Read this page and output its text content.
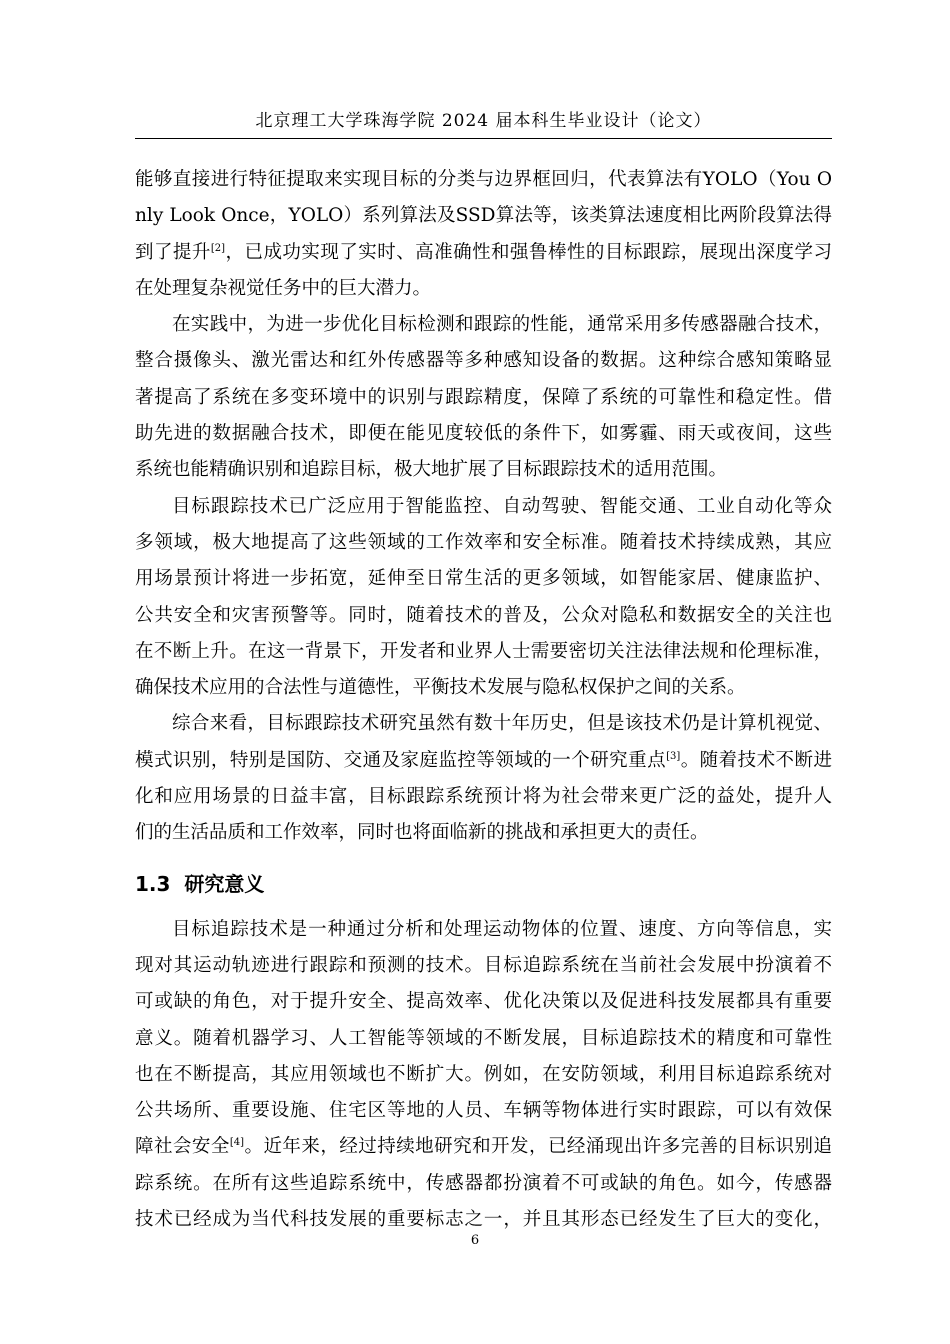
北京理工大学珠海学院 2024 届本科生毕业设计（论文）

能够直接进行特征提取来实现目标的分类与边界框回归，代表算法有YOLO（You O
nly Look Once，YOLO）系列算法及SSD算法等，该类算法速度相比两阶段算法得
到了提升[2]，已成功实现了实时、高准确性和强鲁棒性的目标跟踪，展现出深度学习
在处理复杂视觉任务中的巨大潜力。

在实践中，为进一步优化目标检测和跟踪的性能，通常采用多传感器融合技术，
整合摄像头、激光雷达和红外传感器等多种感知设备的数据。这种综合感知策略显
著提高了系统在多变环境中的识别与跟踪精度，保障了系统的可靠性和稳定性。借
助先进的数据融合技术，即便在能见度较低的条件下，如雾霾、雨天或夜间，这些
系统也能精确识别和追踪目标，极大地扩展了目标跟踪技术的适用范围。

目标跟踪技术已广泛应用于智能监控、自动驾驶、智能交通、工业自动化等众
多领域，极大地提高了这些领域的工作效率和安全标准。随着技术持续成熟，其应
用场景预计将进一步拓宽，延伸至日常生活的更多领域，如智能家居、健康监护、
公共安全和灾害预警等。同时，随着技术的普及，公众对隐私和数据安全的关注也
在不断上升。在这一背景下，开发者和业界人士需要密切关注法律法规和伦理标准，
确保技术应用的合法性与道德性，平衡技术发展与隐私权保护之间的关系。

综合来看，目标跟踪技术研究虽然有数十年历史，但是该技术仍是计算机视觉、
模式识别，特别是国防、交通及家庭监控等领域的一个研究重点[3]。随着技术不断进
化和应用场景的日益丰富，目标跟踪系统预计将为社会带来更广泛的益处，提升人
们的生活品质和工作效率，同时也将面临新的挑战和承担更大的责任。

1.3 研究意义

目标追踪技术是一种通过分析和处理运动物体的位置、速度、方向等信息，实
现对其运动轨迹进行跟踪和预测的技术。目标追踪系统在当前社会发展中扮演着不
可或缺的角色，对于提升安全、提高效率、优化决策以及促进科技发展都具有重要
意义。随着机器学习、人工智能等领域的不断发展，目标追踪技术的精度和可靠性
也在不断提高，其应用领域也不断扩大。例如，在安防领域，利用目标追踪系统对
公共场所、重要设施、住宅区等地的人员、车辆等物体进行实时跟踪，可以有效保
障社会安全[4]。近年来，经过持续地研究和开发，已经涌现出许多完善的目标识别追
踪系统。在所有这些追踪系统中，传感器都扮演着不可或缺的角色。如今，传感器
技术已经成为当代科技发展的重要标志之一，并且其形态已经发生了巨大的变化，

6
